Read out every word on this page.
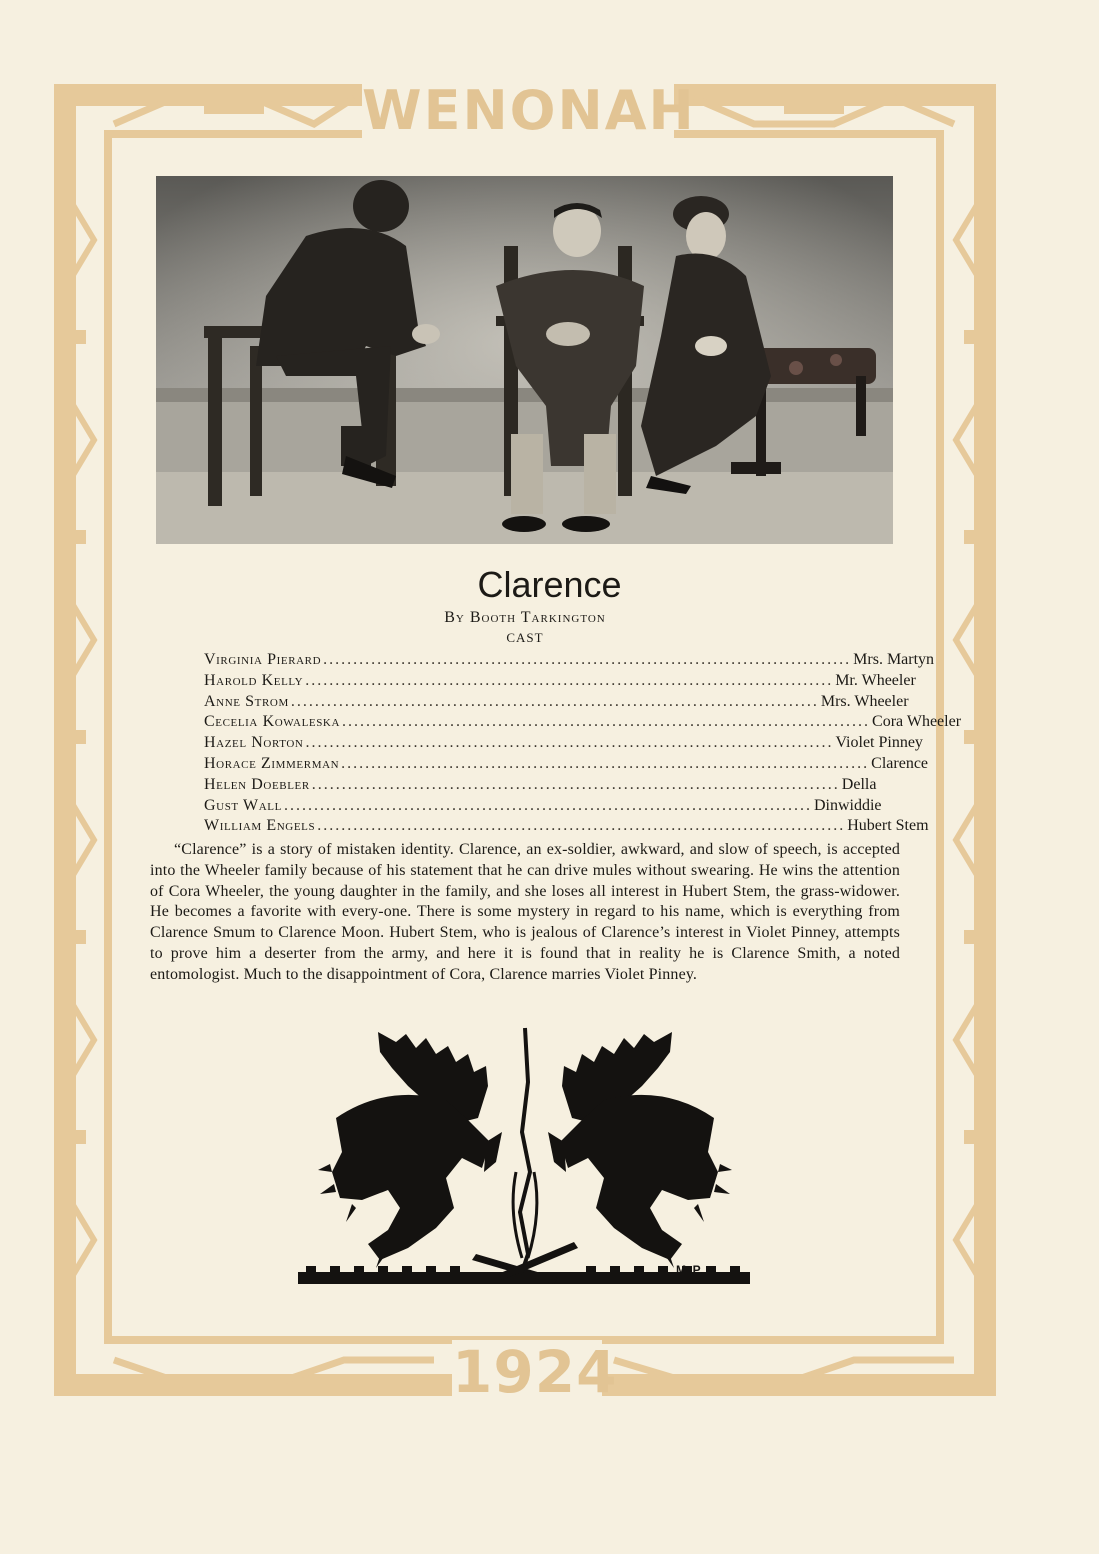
WENONAH
1924
Clarence
By Booth Tarkington
CAST
Virginia Pierard ........................................................................................ Mrs. Martyn
Harold Kelly ........................................................................................ Mr. Wheeler
Anne Strom ........................................................................................ Mrs. Wheeler
Cecelia Kowaleska ........................................................................................ Cora Wheeler
Hazel Norton ........................................................................................ Violet Pinney
Horace Zimmerman ........................................................................................ Clarence
Helen Doebler ........................................................................................ Della
Gust Wall ........................................................................................ Dinwiddie
William Engels ........................................................................................ Hubert Stem

“Clarence” is a story of mistaken identity. Clarence, an ex-soldier, awkward, and slow of speech, is accepted into the Wheeler family because of his statement that he can drive mules without swearing. He wins the attention of Cora Wheeler, the young daughter in the family, and she loses all interest in Hubert Stem, the grass-widower. He becomes a favorite with every-one. There is some mystery in regard to his name, which is everything from Clarence Smum to Clarence Moon. Hubert Stem, who is jealous of Clarence’s interest in Violet Pinney, attempts to prove him a deserter from the army, and here it is found that in reality he is Clarence Smith, a noted entomologist. Much to the disappointment of Cora, Clarence marries Violet Pinney.

M. P.
